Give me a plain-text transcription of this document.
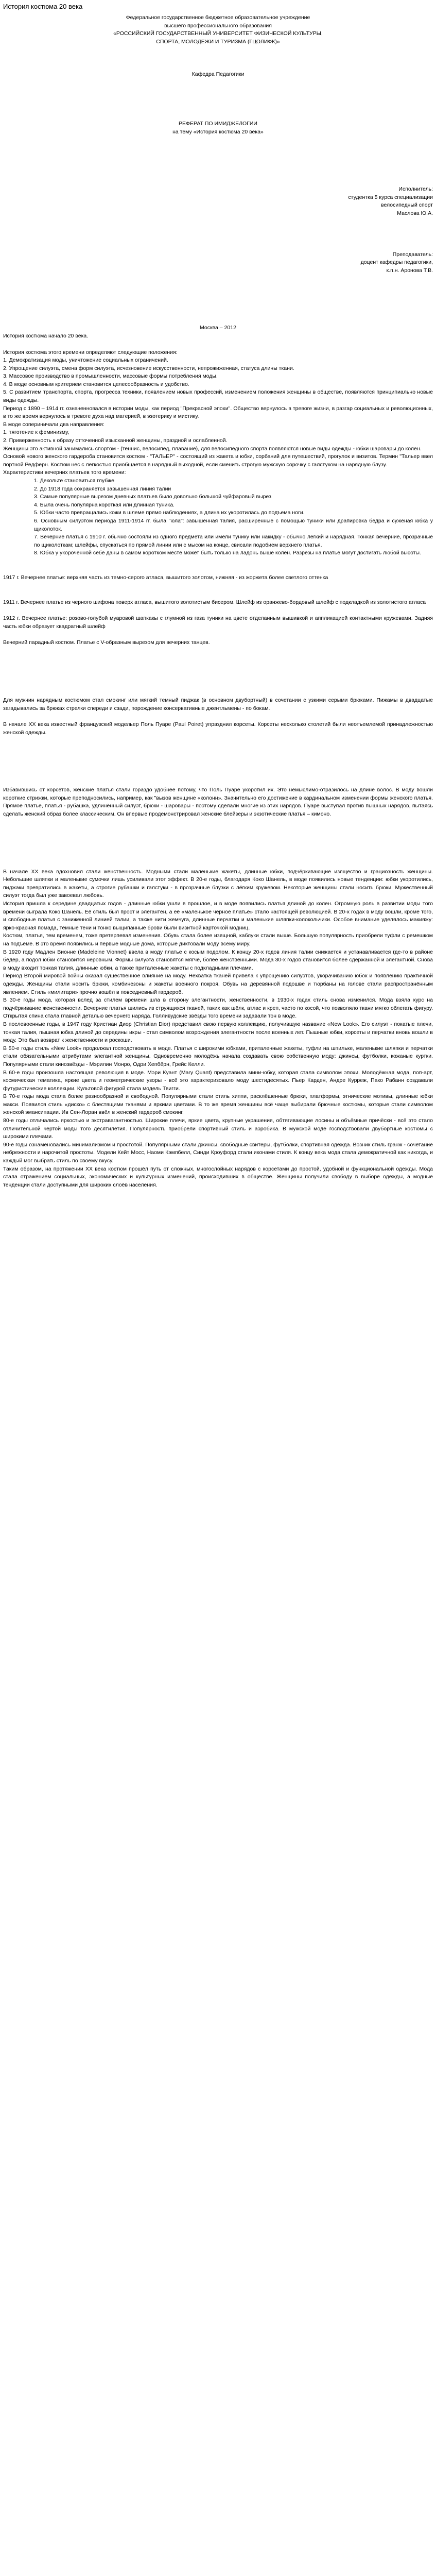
История костюма 20 века

Федеральное государственное бюджетное образовательное учреждение

высшего профессионального образования

«РОССИЙСКИЙ ГОСУДАРСТВЕННЫЙ УНИВЕРСИТЕТ ФИЗИЧЕСКОЙ КУЛЬТУРЫ,

СПОРТА, МОЛОДЕЖИ И ТУРИЗМА (ГЦОЛИФК)»

Кафедра Педагогики

РЕФЕРАТ ПО ИМИДЖЕЛОГИИ

на тему «История костюма 20 века»

Исполнитель:

студентка 5 курса специализации

велосипедный спорт

Маслова Ю.А.

Преподаватель:

доцент кафедры педагогики,

к.п.н. Аронова Т.В.

Москва – 2012

История костюма начало 20 века.

История костюма этого времени определяют следующие положения:

1. Демократизация моды, уничтожение социальных ограничений.

2. Упрощение силуэта, смена форм силуэта, исчезновение искусственности, непрожиженная, статуса длины ткани.

3. Массовое производство в промышленности, массовые формы потребления моды.

4. В моде основным критерием становится целесообразность и удобство.

5. С развитием транспорта, спорта, прогресса техники, появлением новых профессий, изменением положения женщины в обществе, появляются принципиально новые виды одежды.

Период с 1890 – 1914 гг. означенновался в истории моды, как период "Прекрасной эпохи". Общество вернулось в тревоге жизни, в разгар социальных и революционных, в то же время вернулось в тревоге духа над материей, в эзотерику и мистику.

В моде сопериничали два направления:

1. тяготение к феминизму,

2. Приверженность к образу отточенной изысканной женщины, праздной и ослабленной.

Женщины это активной занимались спортом - (теннис, велосипед, плавание), для велосипедного спорта появляются новые виды одежды - юбки шаровары до колен.

Основой нового женского гардероба становится костюм - "ТАЛЬЕР" - состоящий из жакета и юбки, сорбаний для путешествий, прогулок и визитов. Термин "Тальер ввел портной Редферн. Костюм нес с легкостью приобщается в нарядный выходной, если сменить строгую мужскую сорочку с галстуком на нарядную блузу.

Характеристики вечерних платьев того времени:

1. Декольте становиться глубже

2. До 1918 года сохраняется завышенная линия талии

3. Самые популярные вырезом дневных платьев было довольно большой чуйфаровый вырез

4. Была очень популярна короткая или длинная туника.

5. Юбки часто превращались кожи в шлеме прямо наблюдениях, а длина их укоротилась до подъема ноги.

6. Основным силуэтом периода 1911-1914 гг. была "юла": завышенная талия, расширенные с помощью туники или драпировка бедра и суженая юбка у щиколоток.

7. Вечерние платья с 1910 г. обычно состояли из одного предмета или имели тунику или накидку - обычно легкий и нарядная. Тонкая вечерние, прозрачные по щиколоткам; шлейфы, спускаться по прямой линии или с мысом на конце, свисали подобием верхнего платья.

8. Юбка у укороченной себе даны в самом коротком месте может быть только на ладонь выше колен. Разрезы на платье могут достигать любой высоты.

1917 г. Вечернее платье: верхняя часть из темно-серого атласа, вышитого золотом, нижняя - из жоржета более светлого оттенка

1911 г. Вечернее платье из черного шифона поверх атласа, вышитого золотистым бисером. Шлейф из оранжево-бордовый шлейф с подкладкой из золотистого атласа

1912 г. Вечернее платье: розово-голубой муаровой шапкакы с глумной из газа туники на цвете отделанным вышивкой и аппликацией контактными кружевами. Задняя часть юбки образует квадратный шлейф

Вечерний парадный костюм. Платье с V-образным вырезом для вечерних танцев.

Для мужчин нарядным костюмом стал смокинг или мягкий темный пиджак (в основном двубортный) в сочетании с узкими серыми брюками. Пижамы в двадцатые загадывались за брюках стрелки спереди и сзади, порождение консервативные джентльмены - по бокам.

В начале XX века известный французский модельер Поль Пуаре (Paul Poiret) упразднил корсеты. Корсеты несколько столетий были неотъемлемой принадлежностью женской одежды.

Избавившись от корсетов, женские платья стали гораздо удобнее потому, что Поль Пуаре укоротил их. Это немыслимо-отразилось на длине волос. В моду вошли короткие стрижки, которые преподносились, например, как "вызов женщине «колонн». Значительно его достижение в кардинальном изменении формы женского платья. Прямое платье, платья - рубашка, удлинённый силуэт, брюки - шаровары - поэтому сделали многие из этих нарядов. Пуаре выступал против пышных нарядов, пытаясь сделать женский образ более классическим. Он впервые продемонстрировал женские блейзеры и экзотические платья – кимоно.

В начале XX века вдохновил стали женственность. Модными стали маленькие жакеты, длинные юбки, подчёркивающие изящество и грациозность женщины. Небольшие шляпки и маленькие сумочки лишь усиливали этот эффект. В 20-е годы, благодаря Коко Шанель, в моде появились новые тенденции: юбки укоротились, пиджаки превратились в жакеты, а строгие рубашки и галстуки - в прозрачные блузки с лёгким кружевом. Некоторые женщины стали носить брюки. Мужественный силуэт тогда был уже завоевал любовь.

История пришла к середине двадцатых годов - длинные юбки ушли в прошлое, и в моде появились платья длиной до колен. Огромную роль в развитии моды того времени сыграла Коко Шанель. Её стиль был прост и элегантен, а её «маленькое чёрное платье» стало настоящей революцией. В 20-х годах в моду вошли, кроме того, и свободные платья с заниженной линией талии, а также нити жемчуга, длинные перчатки и маленькие шляпки-колокольчики. Особое внимание уделялось макияжу: ярко-красная помада, тёмные тени и тонко выщипанные брови были визитной карточкой модниц.

Костюм, платья, тем временем, тоже претерпевал изменения. Обувь стала более изящной, каблуки стали выше. Большую популярность приобрели туфли с ремешком на подъёме. В это время появились и первые модные дома, которые диктовали моду всему миру.

В 1920 году Мадлен Вионне (Madeleine Vionnet) ввела в моду платье с косым подолом. К концу 20-х годов линия талии снижается и устанавливается где-то в районе бёдер, а подол юбки становится неровным. Формы силуэта становятся мягче, более женственными. Мода 30-х годов становится более сдержанной и элегантной. Снова в моду входит тонкая талия, длинные юбки, а также приталенные жакеты с подкладными плечами.

Период Второй мировой войны оказал существенное влияние на моду. Нехватка тканей привела к упрощению силуэтов, укорачиванию юбок и появлению практичной одежды. Женщины стали носить брюки, комбинезоны и жакеты военного покроя. Обувь на деревянной подошве и тюрбаны на голове стали распространённым явлением. Стиль «милитари» прочно вошёл в повседневный гардероб.

В 30-е годы мода, которая вслед за стилем времени шла в сторону элегантности, женственности, в 1930-х годах стиль снова изменился. Мода взяла курс на подчёркивание женственности. Вечерние платья шились из струящихся тканей, таких как шёлк, атлас и креп, часто по косой, что позволяло ткани мягко облегать фигуру. Открытая спина стала главной деталью вечернего наряда. Голливудские звёзды того времени задавали тон в моде.

В послевоенные годы, в 1947 году Кристиан Диор (Christian Dior) представил свою первую коллекцию, получившую название «New Look». Его силуэт - покатые плечи, тонкая талия, пышная юбка длиной до середины икры - стал символом возрождения элегантности после военных лет. Пышные юбки, корсеты и перчатки вновь вошли в моду. Это был возврат к женственности и роскоши.

В 50-е годы стиль «New Look» продолжал господствовать в моде. Платья с широкими юбками, приталенные жакеты, туфли на шпильке, маленькие шляпки и перчатки стали обязательными атрибутами элегантной женщины. Одновременно молодёжь начала создавать свою собственную моду: джинсы, футболки, кожаные куртки. Популярными стали кинозвёзды - Мэрилин Монро, Одри Хепбёрн, Грейс Келли.

В 60-е годы произошла настоящая революция в моде. Мэри Куант (Mary Quant) представила мини-юбку, которая стала символом эпохи. Молодёжная мода, поп-арт, космическая тематика, яркие цвета и геометрические узоры - всё это характеризовало моду шестидесятых. Пьер Карден, Андре Курреж, Пако Рабанн создавали футуристические коллекции. Культовой фигурой стала модель Твигги.

В 70-е годы мода стала более разнообразной и свободной. Популярными стали стиль хиппи, расклёшенные брюки, платформы, этнические мотивы, длинные юбки макси. Появился стиль «диско» с блестящими тканями и яркими цветами. В то же время женщины всё чаще выбирали брючные костюмы, которые стали символом женской эмансипации. Ив Сен-Лоран ввёл в женский гардероб смокинг.

80-е годы отличались яркостью и экстравагантностью. Широкие плечи, яркие цвета, крупные украшения, обтягивающие лосины и объёмные причёски - всё это стало отличительной чертой моды того десятилетия. Популярность приобрели спортивный стиль и аэробика. В мужской моде господствовали двубортные костюмы с широкими плечами.

90-е годы ознаменовались минимализмом и простотой. Популярными стали джинсы, свободные свитеры, футболки, спортивная одежда. Возник стиль гранж - сочетание небрежности и нарочитой простоты. Модели Кейт Мосс, Наоми Кэмпбелл, Синди Кроуфорд стали иконами стиля. К концу века мода стала демократичной как никогда, и каждый мог выбрать стиль по своему вкусу.

Таким образом, на протяжении XX века костюм прошёл путь от сложных, многослойных нарядов с корсетами до простой, удобной и функциональной одежды. Мода стала отражением социальных, экономических и культурных изменений, происходивших в обществе. Женщины получили свободу в выборе одежды, а модные тенденции стали доступными для широких слоёв населения.
